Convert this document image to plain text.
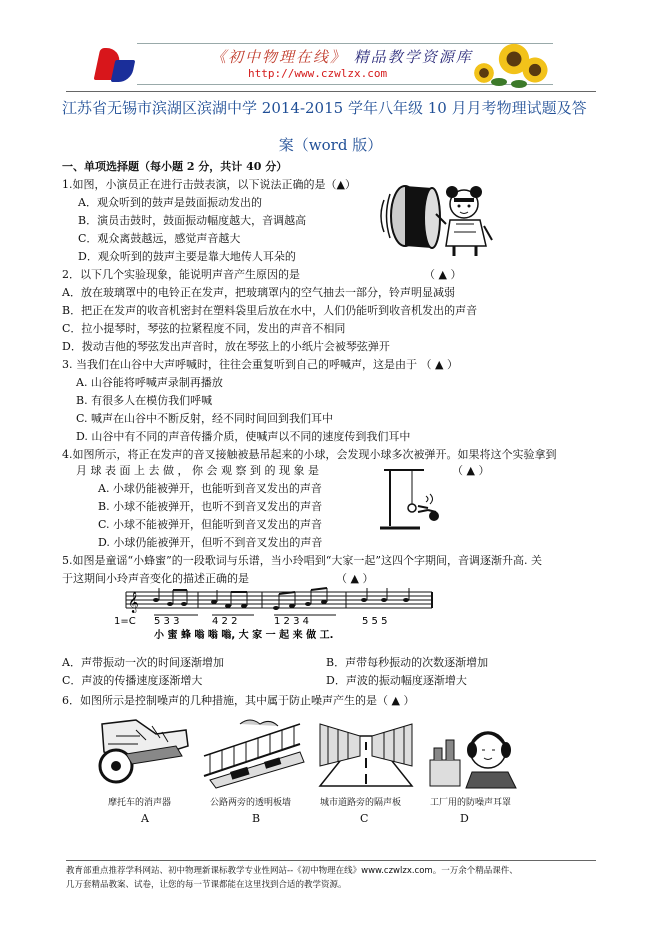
《初中物理在线》 精品教学资源库
http://www.czwlzx.com
江苏省无锡市滨湖区滨湖中学 2014-2015 学年八年级 10 月月考物理试题及答
案（word 版）
一、单项选择题（每小题 2 分，共计 40 分）
1.如图，小演员正在进行击鼓表演，以下说法正确的是（▲）
A．观众听到的鼓声是鼓面振动发出的
B．演员击鼓时，鼓面振动幅度越大，音调越高
C．观众离鼓越远，感觉声音越大
D．观众听到的鼓声主要是靠大地传人耳朵的
2．以下几个实验现象，能说明声音产生原因的是	（ ▲ ）
A．放在玻璃罩中的电铃正在发声，把玻璃罩内的空气抽去一部分，铃声明显减弱
B．把正在发声的收音机密封在塑料袋里后放在水中，人们仍能听到收音机发出的声音
C．拉小提琴时，琴弦的拉紧程度不同，发出的声音不相同
D．拨动吉他的琴弦发出声音时，放在琴弦上的小纸片会被琴弦弹开
3. 当我们在山谷中大声呼喊时，往往会重复听到自己的呼喊声，这是由于 （ ▲ ）
A. 山谷能将呼喊声录制再播放
B. 有很多人在模仿我们呼喊
C. 喊声在山谷中不断反射，经不同时间回到我们耳中
D. 山谷中有不同的声音传播介质，使喊声以不同的速度传到我们耳中
4.如图所示，将正在发声的音叉接触被悬吊起来的小球，会发现小球多次被弹开。如果将这个实验拿到
月 球 表 面 上 去 做 ， 你 会 观 察 到 的 现 象 是	（ ▲ ）
A. 小球仍能被弹开，也能听到音叉发出的声音
B. 小球不能被弹开，也听不到音叉发出的声音
C. 小球不能被弹开，但能听到音叉发出的声音
D. 小球仍能被弹开，但听不到音叉发出的声音
5.如图是童谣“小蜂蜜”的一段歌词与乐谱，当小玲唱到“大家一起”这四个字期间，音调逐渐升高. 关
于这期间小玲声音变化的描述正确的是	（ ▲ ）
𝄞
1=C 5 3 3	4 2 2	1 2 3 4	5 5 5
小 蜜 蜂 嗡 嗡 嗡, 大 家 一 起 来 做 工.
A．声带振动一次的时间逐渐增加	B．声带每秒振动的次数逐渐增加
C．声波的传播速度逐渐增大	D．声波的振动幅度逐渐增大
6．如图所示是控制噪声的几种措施，其中属于防止噪声产生的是（ ▲ ）
摩托车的消声器	公路两旁的透明板墙	城市道路旁的隔声板	工厂用的防噪声耳罩
A	B	C	D
教育部重点推荐学科网站、初中物理新课标教学专业性网站--《初中物理在线》www.czwlzx.com。一万余个精品课件、
几万套精品教案、试卷，让您的每一节课都能在这里找到合适的教学资源。
